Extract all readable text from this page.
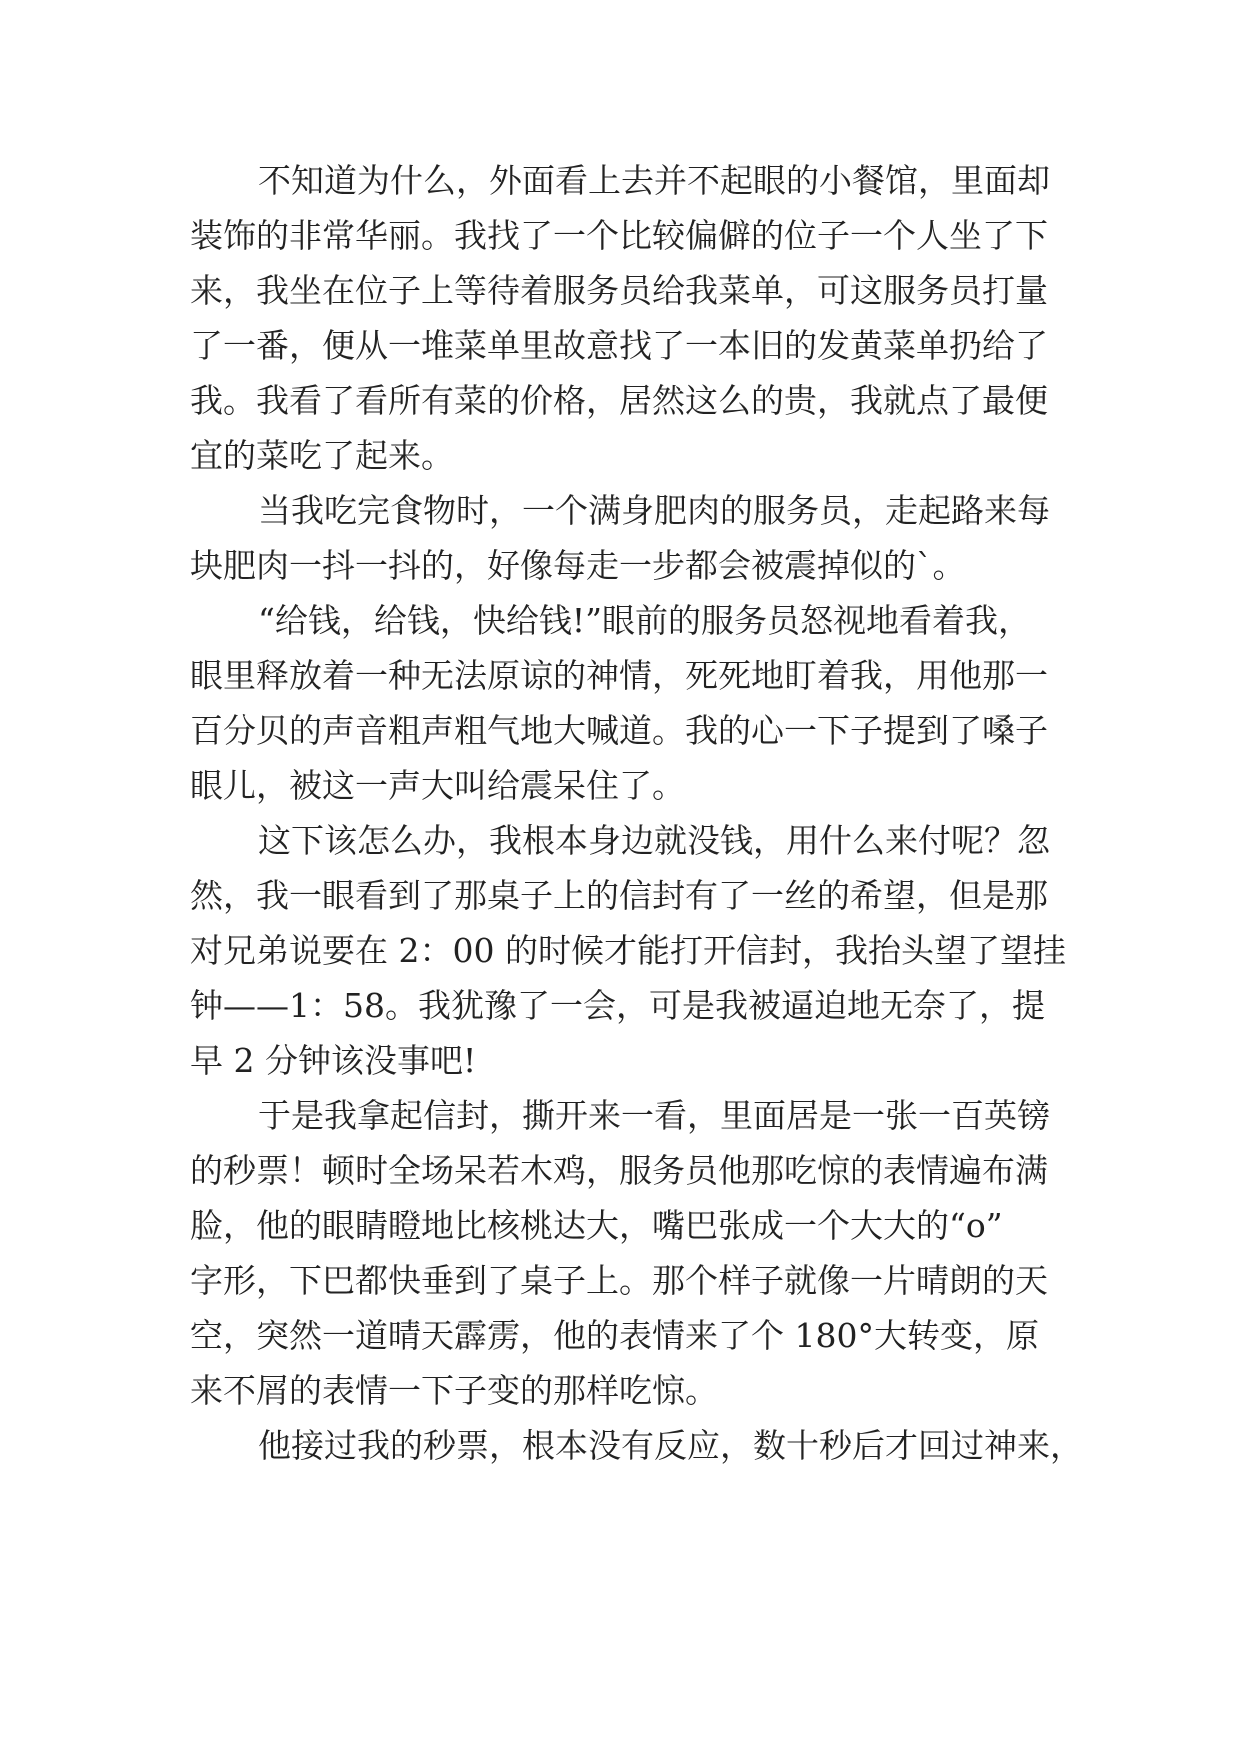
不知道为什么，外面看上去并不起眼的小餐馆，里面却
装饰的非常华丽。我找了一个比较偏僻的位子一个人坐了下
来，我坐在位子上等待着服务员给我菜单，可这服务员打量
了一番，便从一堆菜单里故意找了一本旧的发黄菜单扔给了
我。我看了看所有菜的价格，居然这么的贵，我就点了最便
宜的菜吃了起来。
当我吃完食物时，一个满身肥肉的服务员，走起路来每
块肥肉一抖一抖的，好像每走一步都会被震掉似的`。
“给钱，给钱，快给钱!”眼前的服务员怒视地看着我，
眼里释放着一种无法原谅的神情，死死地盯着我，用他那一
百分贝的声音粗声粗气地大喊道。我的心一下子提到了嗓子
眼儿，被这一声大叫给震呆住了。
这下该怎么办，我根本身边就没钱，用什么来付呢？忽
然，我一眼看到了那桌子上的信封有了一丝的希望，但是那
对兄弟说要在 2：00 的时候才能打开信封，我抬头望了望挂
钟——1：58。我犹豫了一会，可是我被逼迫地无奈了，提
早 2 分钟该没事吧!
于是我拿起信封，撕开来一看，里面居是一张一百英镑
的秒票！顿时全场呆若木鸡，服务员他那吃惊的表情遍布满
脸，他的眼睛瞪地比核桃达大，嘴巴张成一个大大的“o”
字形，下巴都快垂到了桌子上。那个样子就像一片晴朗的天
空，突然一道晴天霹雳，他的表情来了个 180°大转变，原
来不屑的表情一下子变的那样吃惊。
他接过我的秒票，根本没有反应，数十秒后才回过神来，
